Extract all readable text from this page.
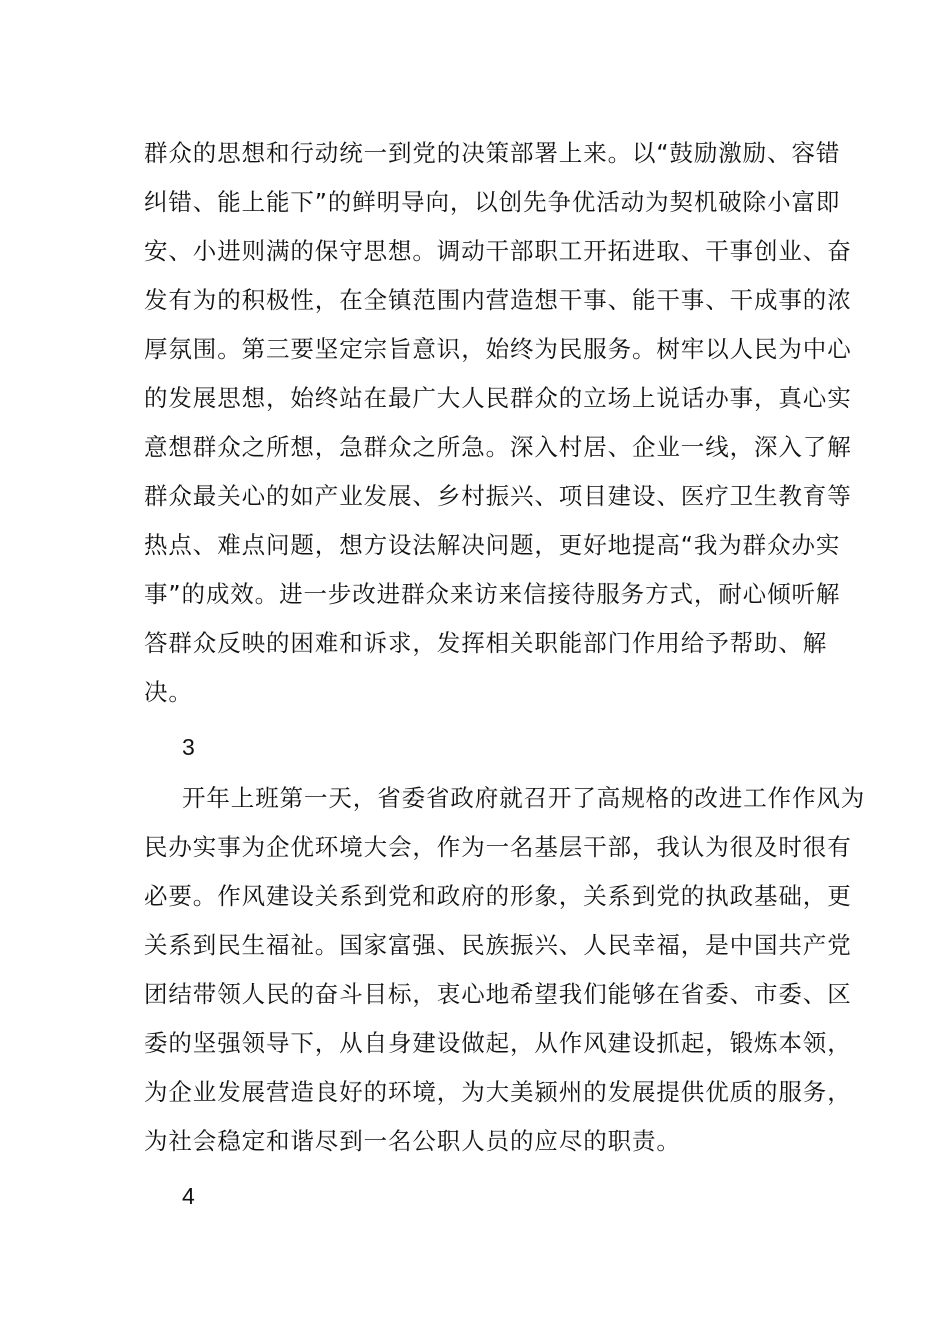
群众的思想和行动统一到党的决策部署上来。以“鼓励激励、容错
纠错、能上能下”的鲜明导向，以创先争优活动为契机破除小富即
安、小进则满的保守思想。调动干部职工开拓进取、干事创业、奋
发有为的积极性，在全镇范围内营造想干事、能干事、干成事的浓
厚氛围。第三要坚定宗旨意识，始终为民服务。树牢以人民为中心
的发展思想，始终站在最广大人民群众的立场上说话办事，真心实
意想群众之所想，急群众之所急。深入村居、企业一线，深入了解
群众最关心的如产业发展、乡村振兴、项目建设、医疗卫生教育等
热点、难点问题，想方设法解决问题，更好地提高“我为群众办实
事”的成效。进一步改进群众来访来信接待服务方式，耐心倾听解
答群众反映的困难和诉求，发挥相关职能部门作用给予帮助、解
决。
3
开年上班第一天，省委省政府就召开了高规格的改进工作作风为
民办实事为企优环境大会，作为一名基层干部，我认为很及时很有
必要。作风建设关系到党和政府的形象，关系到党的执政基础，更
关系到民生福祉。国家富强、民族振兴、人民幸福，是中国共产党
团结带领人民的奋斗目标，衷心地希望我们能够在省委、市委、区
委的坚强领导下，从自身建设做起，从作风建设抓起，锻炼本领，
为企业发展营造良好的环境，为大美颍州的发展提供优质的服务，
为社会稳定和谐尽到一名公职人员的应尽的职责。
4
